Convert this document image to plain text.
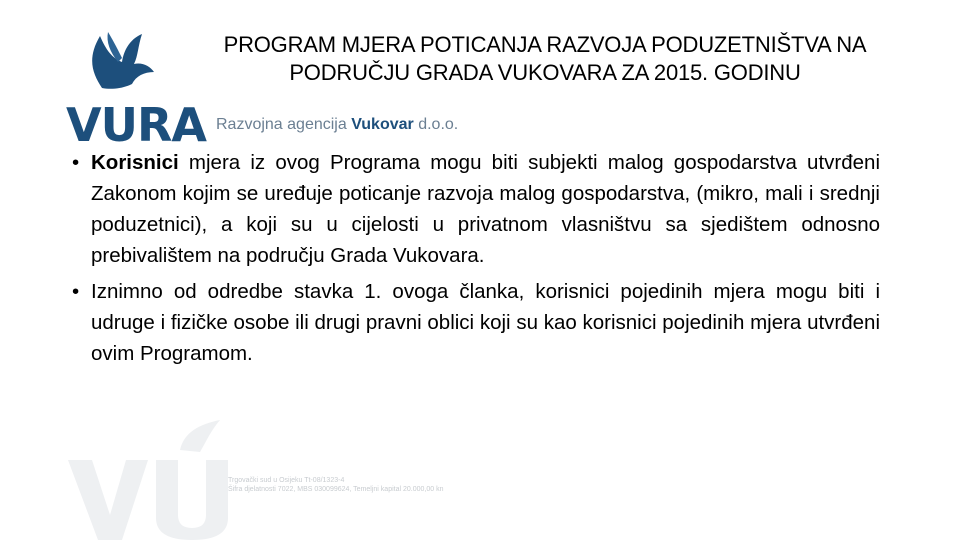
VURA Razvojna agencija Vukovar d.o.o.
PROGRAM MJERA POTICANJA RAZVOJA PODUZETNIŠTVA NA
PODRUČJU GRADA VUKOVARA ZA 2015. GODINU
• Korisnici mjera iz ovog Programa mogu biti subjekti malog gospodarstva utvrđeni Zakonom kojim se uređuje poticanje razvoja malog gospodarstva, (mikro, mali i srednji poduzetnici), a koji su u cijelosti u privatnom vlasništvu sa sjedištem odnosno prebivalištem na području Grada Vukovara.
• Iznimno od odredbe stavka 1. ovoga članka, korisnici pojedinih mjera mogu biti i udruge i fizičke osobe ili drugi pravni oblici koji su kao korisnici pojedinih mjera utvrđeni ovim Programom.
Trgovački sud u Osijeku Tt-08/1323-4
Šifra djelatnosti 7022, MBS 030099624, Temeljni kapital 20.000,00 kn
